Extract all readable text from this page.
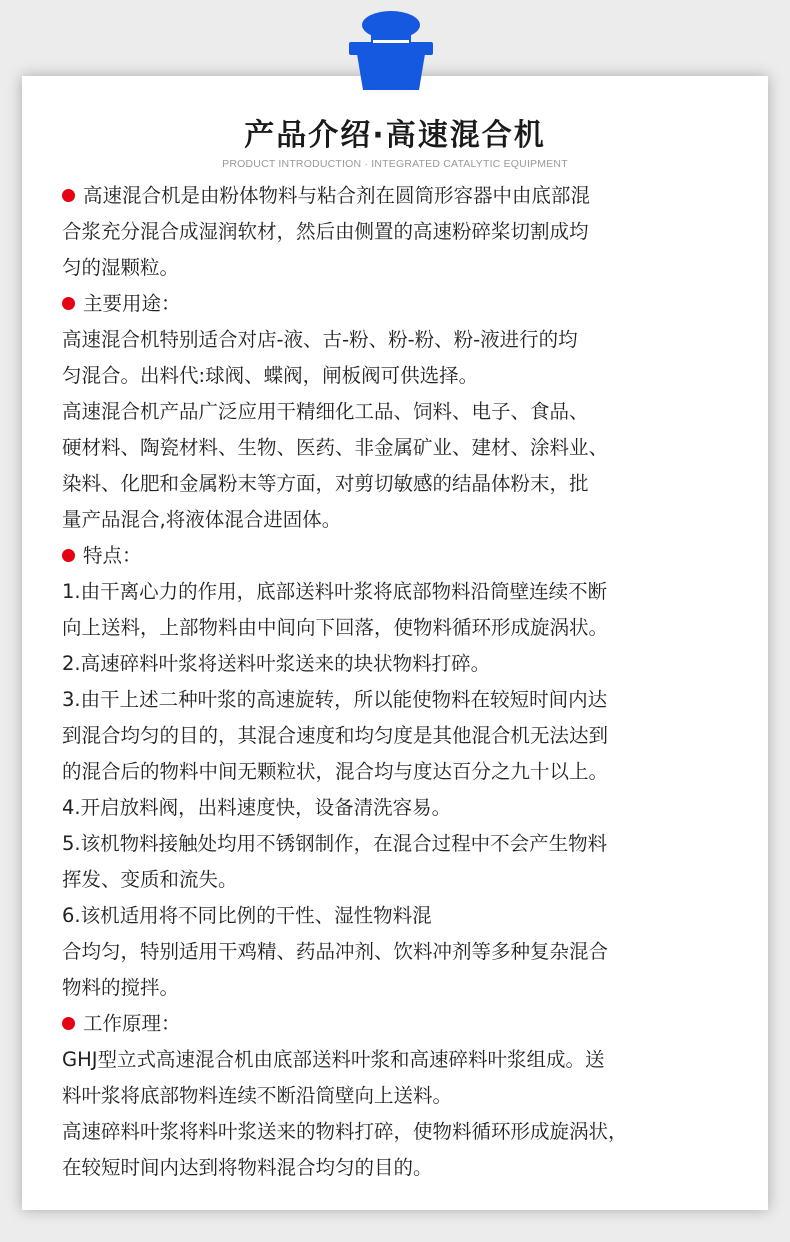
产品介绍·高速混合机
PRODUCT INTRODUCTION · INTEGRATED CATALYTIC EQUIPMENT
高速混合机是由粉体物料与粘合剂在圆筒形容器中由底部混
合浆充分混合成湿润软材，然后由侧置的高速粉碎桨切割成均
匀的湿颗粒。
主要用途：
高速混合机特别适合对店-液、古-粉、粉-粉、粉-液进行的均
匀混合。出料代:球阀、蝶阀，闸板阀可供选择。
高速混合机产品广泛应用干精细化工品、饲料、电子、食品、
硬材料、陶瓷材料、生物、医药、非金属矿业、建材、涂料业、
染料、化肥和金属粉末等方面，对剪切敏感的结晶体粉末，批
量产品混合,将液体混合进固体。
特点：
1.由干离心力的作用，底部送料叶浆将底部物料沿筒壁连续不断
向上送料，上部物料由中间向下回落，使物料循环形成旋涡状。
2.高速碎料叶浆将送料叶浆送来的块状物料打碎。
3.由干上述二种叶浆的高速旋转，所以能使物料在较短时间内达
到混合均匀的目的，其混合速度和均匀度是其他混合机无法达到
的混合后的物料中间无颗粒状，混合均与度达百分之九十以上。
4.开启放料阀，出料速度快，设备清洗容易。
5.该机物料接触处均用不锈钢制作，在混合过程中不会产生物料
挥发、变质和流失。
6.该机适用将不同比例的干性、湿性物料混
合均匀，特别适用干鸡精、药品冲剂、饮料冲剂等多种复杂混合
物料的搅拌。
工作原理：
GHJ型立式高速混合机由底部送料叶浆和高速碎料叶浆组成。送
料叶浆将底部物料连续不断沿筒壁向上送料。
高速碎料叶浆将料叶浆送来的物料打碎，使物料循环形成旋涡状，
在较短时间内达到将物料混合均匀的目的。
